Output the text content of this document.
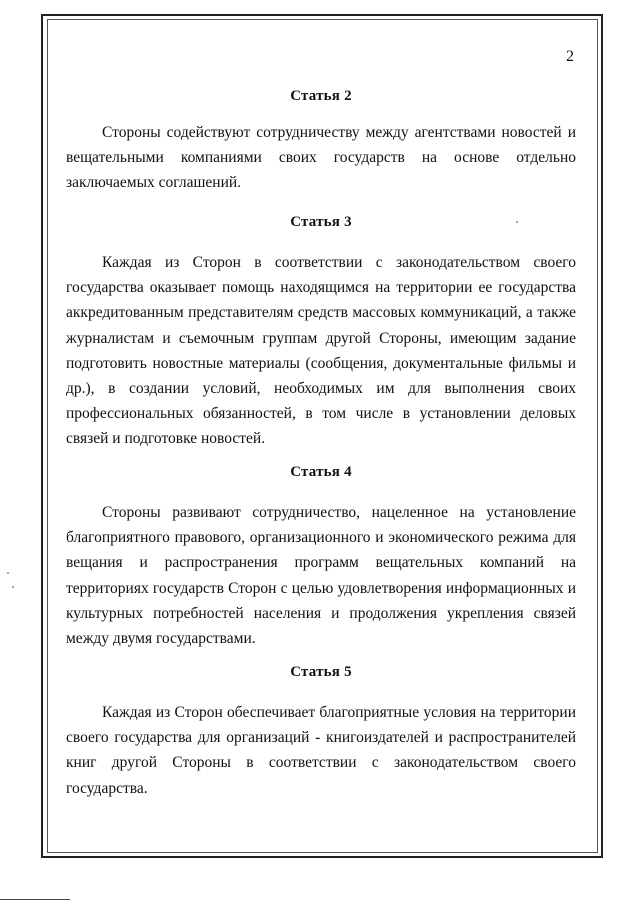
2
Статья 2

Стороны содействуют сотрудничеству между агентствами новостей и вещательными компаниями своих государств на основе отдельно заключаемых соглашений.

Статья 3

Каждая из Сторон в соответствии с законодательством своего государства оказывает помощь находящимся на территории ее государства аккредитованным представителям средств массовых коммуникаций, а также журналистам и съемочным группам другой Стороны, имеющим задание подготовить новостные материалы (сообщения, документальные фильмы и др.), в создании условий, необходимых им для выполнения своих профессиональных обязанностей, в том числе в установлении деловых связей и подготовке новостей.

Статья 4

Стороны развивают сотрудничество, нацеленное на установление благоприятного правового, организационного и экономического режима для вещания и распространения программ вещательных компаний на территориях государств Сторон с целью удовлетворения информационных и культурных потребностей населения и продолжения укрепления связей между двумя государствами.

Статья 5

Каждая из Сторон обеспечивает благоприятные условия на территории своего государства для организаций - книгоиздателей и распространителей книг другой Стороны в соответствии с законодательством своего государства.
